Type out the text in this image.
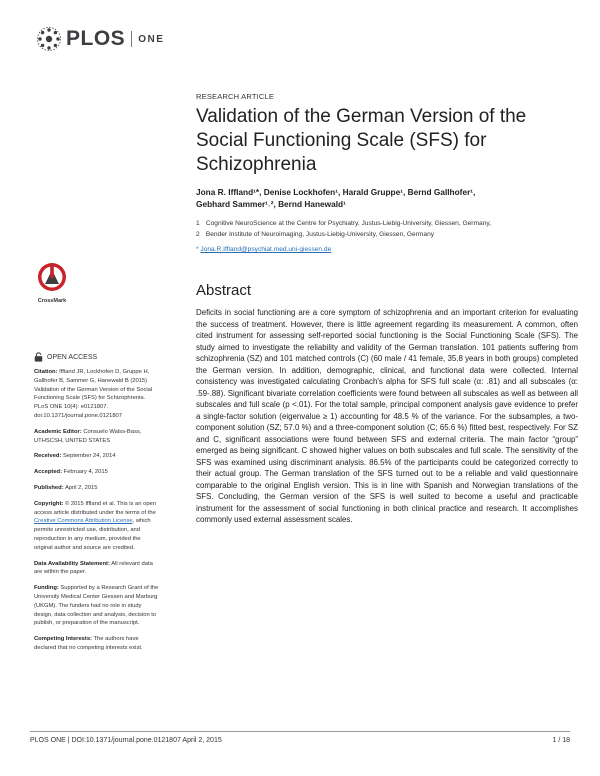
PLOS ONE
RESEARCH ARTICLE
Validation of the German Version of the Social Functioning Scale (SFS) for Schizophrenia
Jona R. Iffland¹*, Denise Lockhofen¹, Harald Gruppe¹, Bernd Gallhofer¹,
Gebhard Sammer¹˒², Bernd Hanewald¹
1 Cognitive NeuroScience at the Centre for Psychiatry, Justus-Liebig-University, Giessen, Germany,
2 Bender Institute of Neuroimaging, Justus-Liebig-University, Giessen, Germany
* Jona.R.Iffland@psychiat.med.uni-giessen.de
CrossMark
OPEN ACCESS

Citation: Iffland JR, Lockhofen D, Gruppe H, Gallhofer B, Sammer G, Hanewald B (2015) Validation of the German Version of the Social Functioning Scale (SFS) for Schizophrenia. PLoS ONE 10(4): e0121807. doi:10.1371/journal.pone.0121807

Academic Editor: Consuelo Walss-Bass, UTHSCSH, UNITED STATES

Received: September 24, 2014

Accepted: February 4, 2015

Published: April 2, 2015

Copyright: © 2015 Iffland et al. This is an open access article distributed under the terms of the Creative Commons Attribution License, which permits unrestricted use, distribution, and reproduction in any medium, provided the original author and source are credited.

Data Availability Statement: All relevant data are within the paper.

Funding: Supported by a Research Grant of the University Medical Center Giessen and Marburg (UKGM). The funders had no role in study design, data collection and analysis, decision to publish, or preparation of the manuscript.

Competing Interests: The authors have declared that no competing interests exist.

Abstract

Deficits in social functioning are a core symptom of schizophrenia and an important criterion for evaluating the success of treatment. However, there is little agreement regarding its measurement. A common, often cited instrument for assessing self-reported social functioning is the Social Functioning Scale (SFS). The study aimed to investigate the reliability and validity of the German translation. 101 patients suffering from schizophrenia (SZ) and 101 matched controls (C) (60 male / 41 female, 35.8 years in both groups) completed the German version. In addition, demographic, clinical, and functional data were collected. Internal consistency was investigated calculating Cronbach's alpha for SFS full scale (α: .81) and all subscales (α: .59-.88). Significant bivariate correlation coefficients were found between all subscales as well as between all subscales and full scale (p <.01). For the total sample, principal component analysis gave evidence to prefer a single-factor solution (eigenvalue ≥ 1) accounting for 48.5 % of the variance. For the subsamples, a two-component solution (SZ; 57.0 %) and a three-component solution (C; 65.6 %) fitted best, respectively. For SZ and C, significant associations were found between SFS and external criteria. The main factor “group” emerged as being significant. C showed higher values on both subscales and full scale. The sensitivity of the SFS was examined using discriminant analysis. 86.5% of the participants could be categorized correctly to their actual group. The German translation of the SFS turned out to be a reliable and valid questionnaire comparable to the original English version. This is in line with Spanish and Norwegian translations of the SFS. Concluding, the German version of the SFS is well suited to become a useful and practicable instrument for the assessment of social functioning in both clinical practice and research. It accomplishes commonly used external assessment scales.

PLOS ONE | DOI:10.1371/journal.pone.0121807 April 2, 2015	1 / 18
